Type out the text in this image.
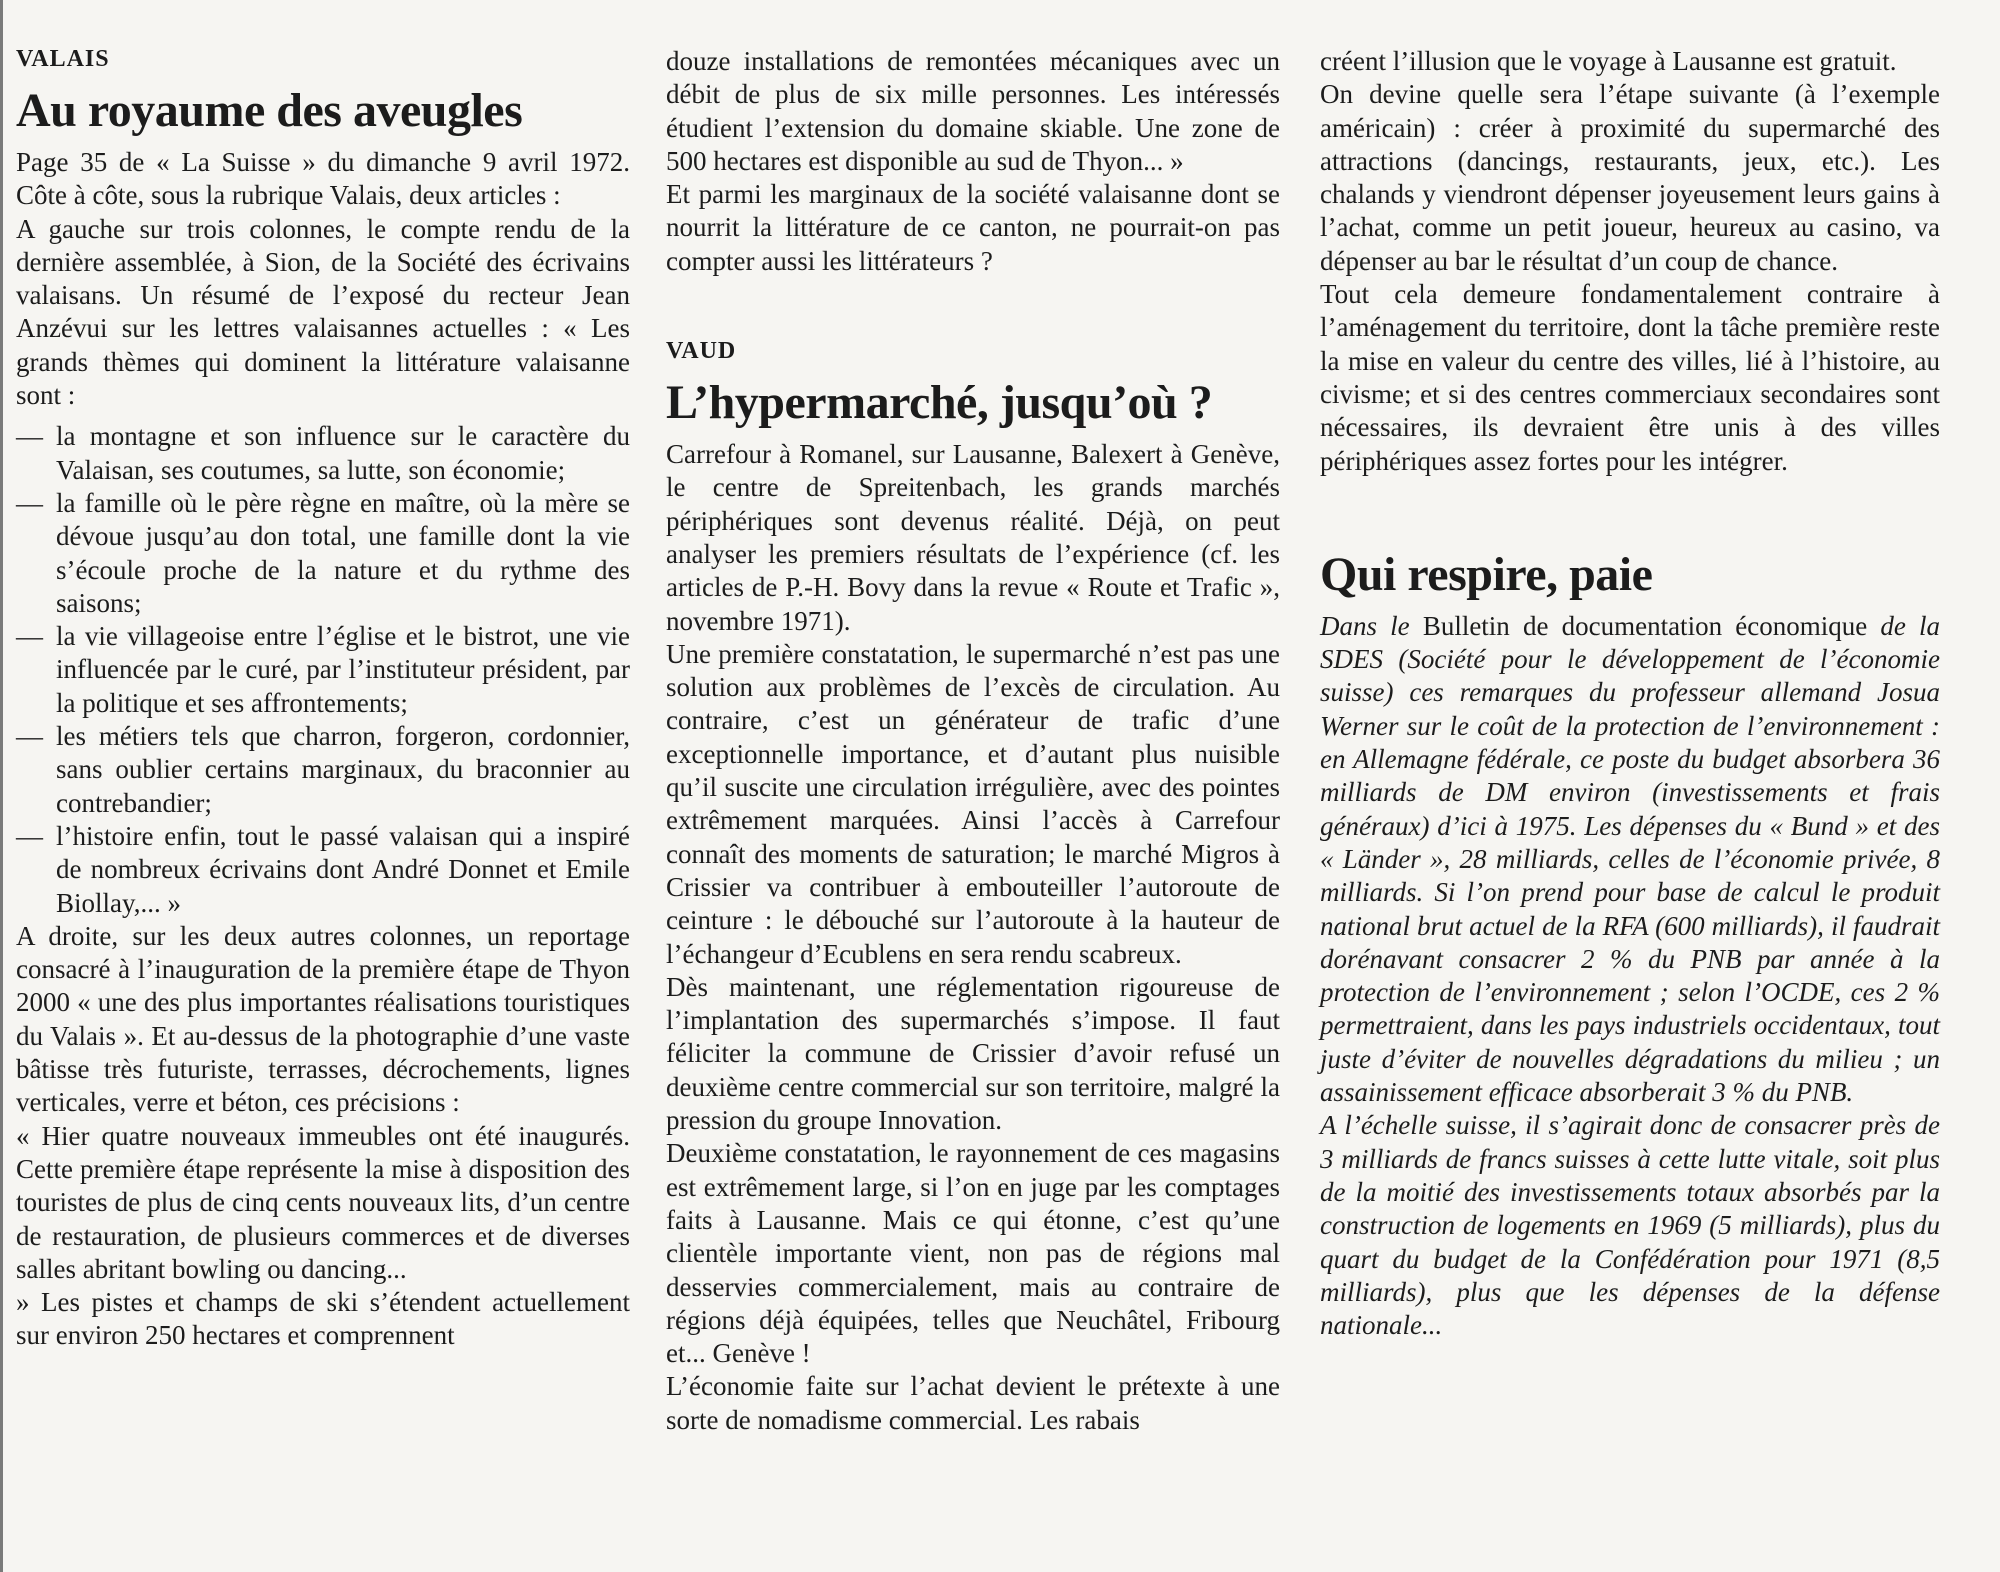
VALAIS
Au royaume des aveugles

Page 35 de « La Suisse » du dimanche 9 avril 1972. Côte à côte, sous la rubrique Valais, deux articles :

A gauche sur trois colonnes, le compte rendu de la dernière assemblée, à Sion, de la Société des écrivains valaisans. Un résumé de l’exposé du recteur Jean Anzévui sur les lettres valaisannes actuelles : « Les grands thèmes qui dominent la littérature valaisanne sont :

— la montagne et son influence sur le caractère du Valaisan, ses coutumes, sa lutte, son économie;
— la famille où le père règne en maître, où la mère se dévoue jusqu’au don total, une famille dont la vie s’écoule proche de la nature et du rythme des saisons;
— la vie villageoise entre l’église et le bistrot, une vie influencée par le curé, par l’instituteur président, par la politique et ses affrontements;
— les métiers tels que charron, forgeron, cordonnier, sans oublier certains marginaux, du braconnier au contrebandier;
— l’histoire enfin, tout le passé valaisan qui a inspiré de nombreux écrivains dont André Donnet et Emile Biollay,... »

A droite, sur les deux autres colonnes, un reportage consacré à l’inauguration de la première étape de Thyon 2000 « une des plus importantes réalisations touristiques du Valais ». Et au-dessus de la photographie d’une vaste bâtisse très futuriste, terrasses, décrochements, lignes verticales, verre et béton, ces précisions :

« Hier quatre nouveaux immeubles ont été inaugurés. Cette première étape représente la mise à disposition des touristes de plus de cinq cents nouveaux lits, d’un centre de restauration, de plusieurs commerces et de diverses salles abritant bowling ou dancing...

» Les pistes et champs de ski s’étendent actuellement sur environ 250 hectares et comprennent

douze installations de remontées mécaniques avec un débit de plus de six mille personnes. Les intéressés étudient l’extension du domaine skiable. Une zone de 500 hectares est disponible au sud de Thyon... »

Et parmi les marginaux de la société valaisanne dont se nourrit la littérature de ce canton, ne pourrait-on pas compter aussi les littérateurs ?

VAUD
L’hypermarché, jusqu’où ?

Carrefour à Romanel, sur Lausanne, Balexert à Genève, le centre de Spreitenbach, les grands marchés périphériques sont devenus réalité. Déjà, on peut analyser les premiers résultats de l’expérience (cf. les articles de P.-H. Bovy dans la revue « Route et Trafic », novembre 1971).

Une première constatation, le supermarché n’est pas une solution aux problèmes de l’excès de circulation. Au contraire, c’est un générateur de trafic d’une exceptionnelle importance, et d’autant plus nuisible qu’il suscite une circulation irrégulière, avec des pointes extrêmement marquées. Ainsi l’accès à Carrefour connaît des moments de saturation; le marché Migros à Crissier va contribuer à embouteiller l’autoroute de ceinture : le débouché sur l’autoroute à la hauteur de l’échangeur d’Ecublens en sera rendu scabreux.

Dès maintenant, une réglementation rigoureuse de l’implantation des supermarchés s’impose. Il faut féliciter la commune de Crissier d’avoir refusé un deuxième centre commercial sur son territoire, malgré la pression du groupe Innovation.

Deuxième constatation, le rayonnement de ces magasins est extrêmement large, si l’on en juge par les comptages faits à Lausanne. Mais ce qui étonne, c’est qu’une clientèle importante vient, non pas de régions mal desservies commercialement, mais au contraire de régions déjà équipées, telles que Neuchâtel, Fribourg et... Genève !

L’économie faite sur l’achat devient le prétexte à une sorte de nomadisme commercial. Les rabais

créent l’illusion que le voyage à Lausanne est gratuit.

On devine quelle sera l’étape suivante (à l’exemple américain) : créer à proximité du supermarché des attractions (dancings, restaurants, jeux, etc.). Les chalands y viendront dépenser joyeusement leurs gains à l’achat, comme un petit joueur, heureux au casino, va dépenser au bar le résultat d’un coup de chance.

Tout cela demeure fondamentalement contraire à l’aménagement du territoire, dont la tâche première reste la mise en valeur du centre des villes, lié à l’histoire, au civisme; et si des centres commerciaux secondaires sont nécessaires, ils devraient être unis à des villes périphériques assez fortes pour les intégrer.

Qui respire, paie

Dans le Bulletin de documentation économique de la SDES (Société pour le développement de l’économie suisse) ces remarques du professeur allemand Josua Werner sur le coût de la protection de l’environnement : en Allemagne fédérale, ce poste du budget absorbera 36 milliards de DM environ (investissements et frais généraux) d’ici à 1975. Les dépenses du « Bund » et des « Länder », 28 milliards, celles de l’économie privée, 8 milliards. Si l’on prend pour base de calcul le produit national brut actuel de la RFA (600 milliards), il faudrait dorénavant consacrer 2 % du PNB par année à la protection de l’environnement ; selon l’OCDE, ces 2 % permettraient, dans les pays industriels occidentaux, tout juste d’éviter de nouvelles dégradations du milieu ; un assainissement efficace absorberait 3 % du PNB.

A l’échelle suisse, il s’agirait donc de consacrer près de 3 milliards de francs suisses à cette lutte vitale, soit plus de la moitié des investissements totaux absorbés par la construction de logements en 1969 (5 milliards), plus du quart du budget de la Confédération pour 1971 (8,5 milliards), plus que les dépenses de la défense nationale...
